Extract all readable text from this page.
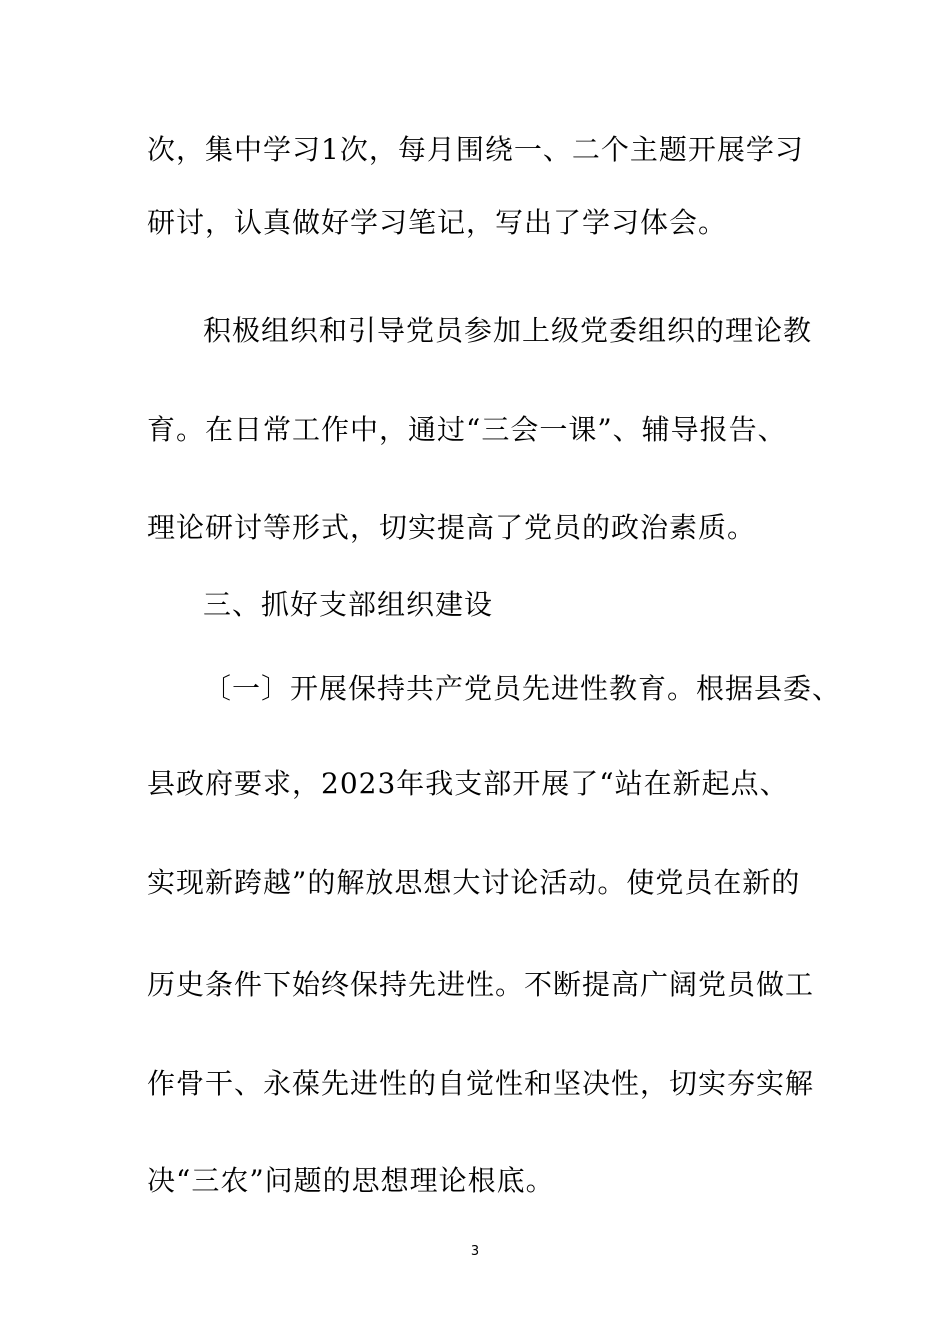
次，集中学习1次，每月围绕一、二个主题开展学习
研讨，认真做好学习笔记，写出了学习体会。
积极组织和引导党员参加上级党委组织的理论教
育。在日常工作中，通过“三会一课”、辅导报告、
理论研讨等形式，切实提高了党员的政治素质。
三、抓好支部组织建设
〔一〕开展保持共产党员先进性教育。根据县委、
县政府要求，2023年我支部开展了“站在新起点、
实现新跨越”的解放思想大讨论活动。使党员在新的
历史条件下始终保持先进性。不断提高广阔党员做工
作骨干、永葆先进性的自觉性和坚决性，切实夯实解
决“三农”问题的思想理论根底。
3
